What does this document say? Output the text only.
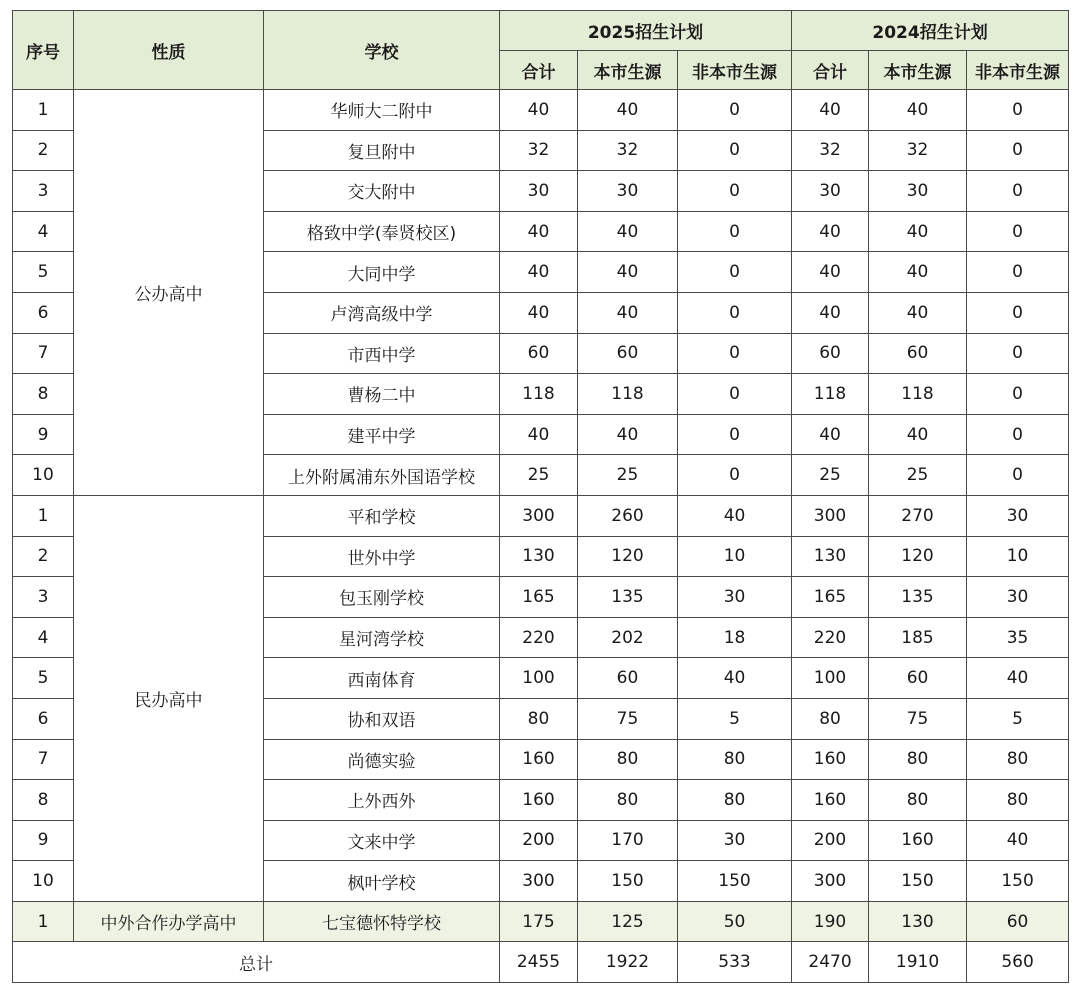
序号	性质	学校	2025招生计划			2024招生计划		
			合计	本市生源	非本市生源	合计	本市生源	非本市生源
1	公办高中	华师大二附中	40	40	0	40	40	0
2		复旦附中	32	32	0	32	32	0
3		交大附中	30	30	0	30	30	0
4		格致中学(奉贤校区)	40	40	0	40	40	0
5		大同中学	40	40	0	40	40	0
6		卢湾高级中学	40	40	0	40	40	0
7		市西中学	60	60	0	60	60	0
8		曹杨二中	118	118	0	118	118	0
9		建平中学	40	40	0	40	40	0
10		上外附属浦东外国语学校	25	25	0	25	25	0
1	民办高中	平和学校	300	260	40	300	270	30
2		世外中学	130	120	10	130	120	10
3		包玉刚学校	165	135	30	165	135	30
4		星河湾学校	220	202	18	220	185	35
5		西南体育	100	60	40	100	60	40
6		协和双语	80	75	5	80	75	5
7		尚德实验	160	80	80	160	80	80
8		上外西外	160	80	80	160	80	80
9		文来中学	200	170	30	200	160	40
10		枫叶学校	300	150	150	300	150	150
1	中外合作办学高中	七宝德怀特学校	175	125	50	190	130	60
总计			2455	1922	533	2470	1910	560
